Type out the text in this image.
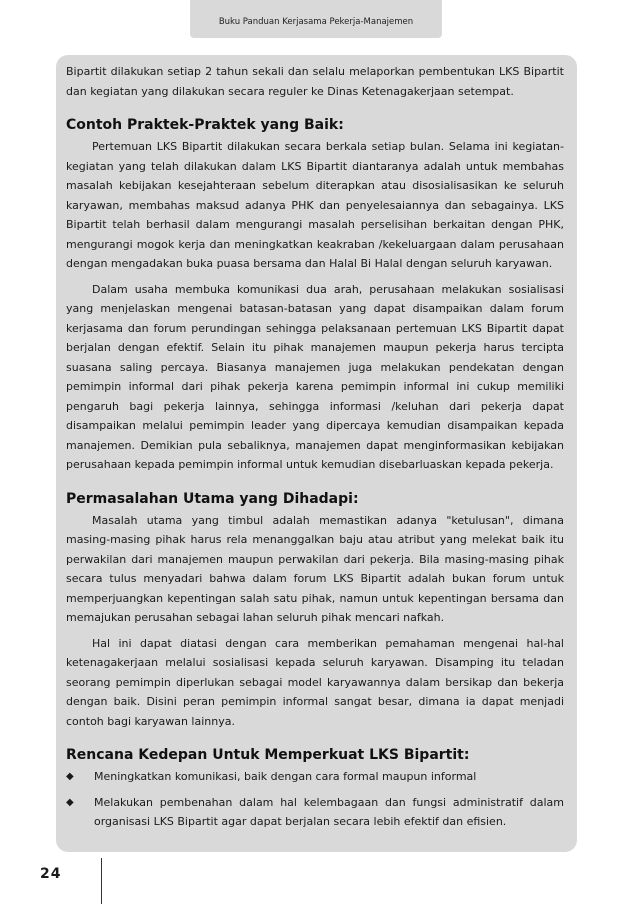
Buku Panduan Kerjasama Pekerja-Manajemen

Bipartit dilakukan setiap 2 tahun sekali dan selalu melaporkan pembentukan LKS Bipartit dan kegiatan yang dilakukan secara reguler ke Dinas Ketenagakerjaan setempat.

Contoh Praktek-Praktek yang Baik:

Pertemuan LKS Bipartit dilakukan secara berkala setiap bulan. Selama ini kegiatan-kegiatan yang telah dilakukan dalam LKS Bipartit diantaranya adalah untuk membahas masalah kebijakan kesejahteraan sebelum diterapkan atau disosialisasikan ke seluruh karyawan, membahas maksud adanya PHK dan penyelesaiannya dan sebagainya. LKS Bipartit telah berhasil dalam mengurangi masalah perselisihan berkaitan dengan PHK, mengurangi mogok kerja dan meningkatkan keakraban /kekeluargaan dalam perusahaan dengan mengadakan buka puasa bersama dan Halal Bi Halal dengan seluruh karyawan.

Dalam usaha membuka komunikasi dua arah, perusahaan melakukan sosialisasi yang menjelaskan mengenai batasan-batasan yang dapat disampaikan dalam forum kerjasama dan forum perundingan sehingga pelaksanaan pertemuan LKS Bipartit dapat berjalan dengan efektif. Selain itu pihak manajemen maupun pekerja harus tercipta suasana saling percaya. Biasanya manajemen juga melakukan pendekatan dengan pemimpin informal dari pihak pekerja karena pemimpin informal ini cukup memiliki pengaruh bagi pekerja lainnya, sehingga informasi /keluhan dari pekerja dapat disampaikan melalui pemimpin leader yang dipercaya kemudian disampaikan kepada manajemen. Demikian pula sebaliknya, manajemen dapat menginformasikan kebijakan perusahaan kepada pemimpin informal untuk kemudian disebarluaskan kepada pekerja.

Permasalahan Utama yang Dihadapi:

Masalah utama yang timbul adalah memastikan adanya "ketulusan", dimana masing-masing pihak harus rela menanggalkan baju atau atribut yang melekat baik itu perwakilan dari manajemen maupun perwakilan dari pekerja. Bila masing-masing pihak secara tulus menyadari bahwa dalam forum LKS Bipartit adalah bukan forum untuk memperjuangkan kepentingan salah satu pihak, namun untuk kepentingan bersama dan memajukan perusahan sebagai lahan seluruh pihak mencari nafkah.

Hal ini dapat diatasi dengan cara memberikan pemahaman mengenai hal-hal ketenagakerjaan melalui sosialisasi kepada seluruh karyawan. Disamping itu teladan seorang pemimpin diperlukan sebagai model karyawannya dalam bersikap dan bekerja dengan baik. Disini peran pemimpin informal sangat besar, dimana ia dapat menjadi contoh bagi karyawan lainnya.

Rencana Kedepan Untuk Memperkuat LKS Bipartit:
◆ Meningkatkan komunikasi, baik dengan cara formal maupun informal
◆ Melakukan pembenahan dalam hal kelembagaan dan fungsi administratif dalam organisasi LKS Bipartit agar dapat berjalan secara lebih efektif dan efisien.
24
